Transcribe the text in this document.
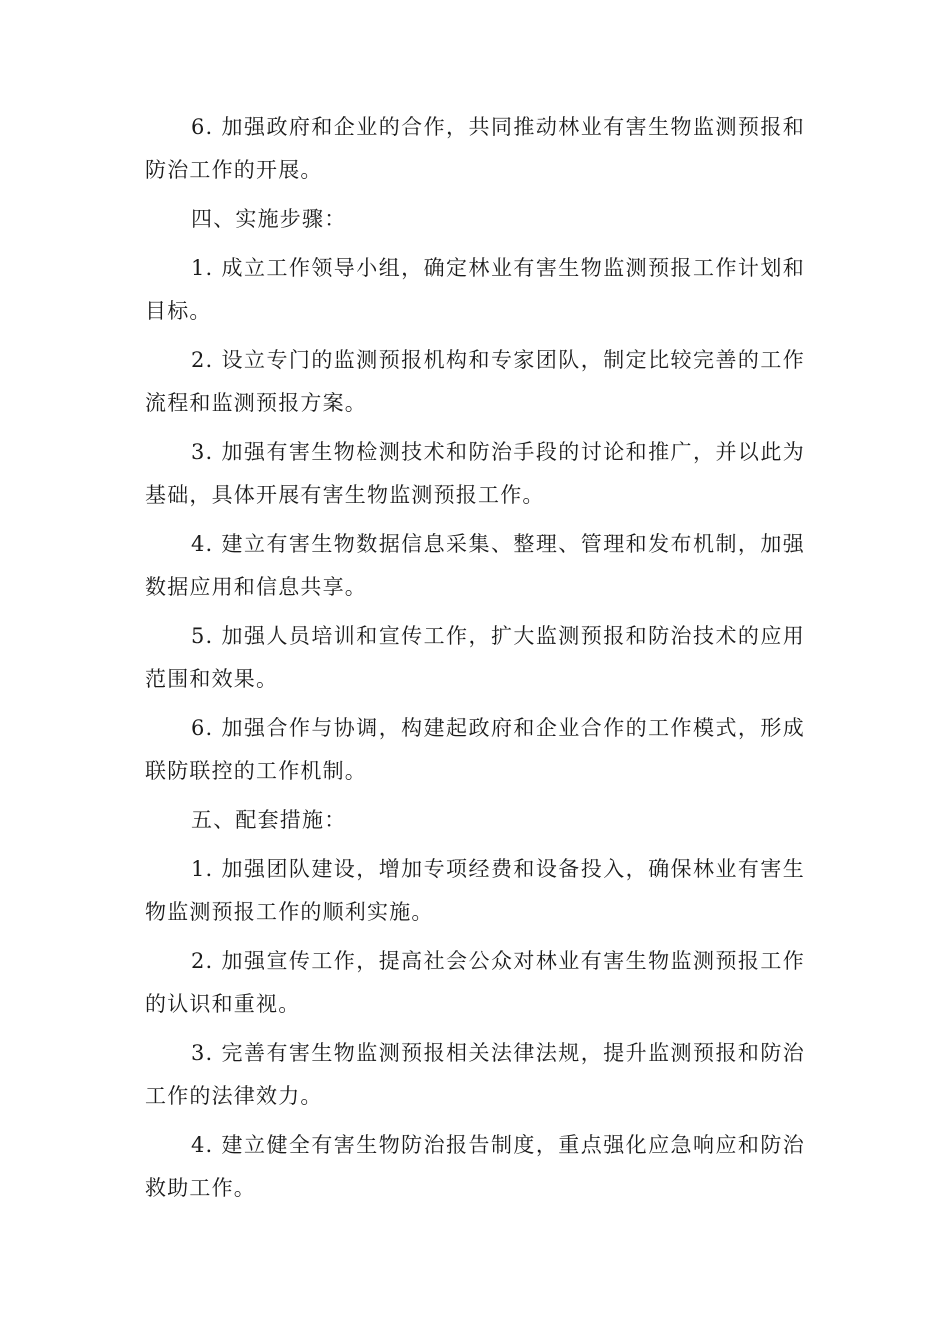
6. 加强政府和企业的合作，共同推动林业有害生物监测预报和防治工作的开展。

四、实施步骤：

1. 成立工作领导小组，确定林业有害生物监测预报工作计划和目标。

2. 设立专门的监测预报机构和专家团队，制定比较完善的工作流程和监测预报方案。

3. 加强有害生物检测技术和防治手段的讨论和推广，并以此为基础，具体开展有害生物监测预报工作。

4. 建立有害生物数据信息采集、整理、管理和发布机制，加强数据应用和信息共享。

5. 加强人员培训和宣传工作，扩大监测预报和防治技术的应用范围和效果。

6. 加强合作与协调，构建起政府和企业合作的工作模式，形成联防联控的工作机制。

五、配套措施：

1. 加强团队建设，增加专项经费和设备投入，确保林业有害生物监测预报工作的顺利实施。

2. 加强宣传工作，提高社会公众对林业有害生物监测预报工作的认识和重视。

3. 完善有害生物监测预报相关法律法规，提升监测预报和防治工作的法律效力。

4. 建立健全有害生物防治报告制度，重点强化应急响应和防治救助工作。
